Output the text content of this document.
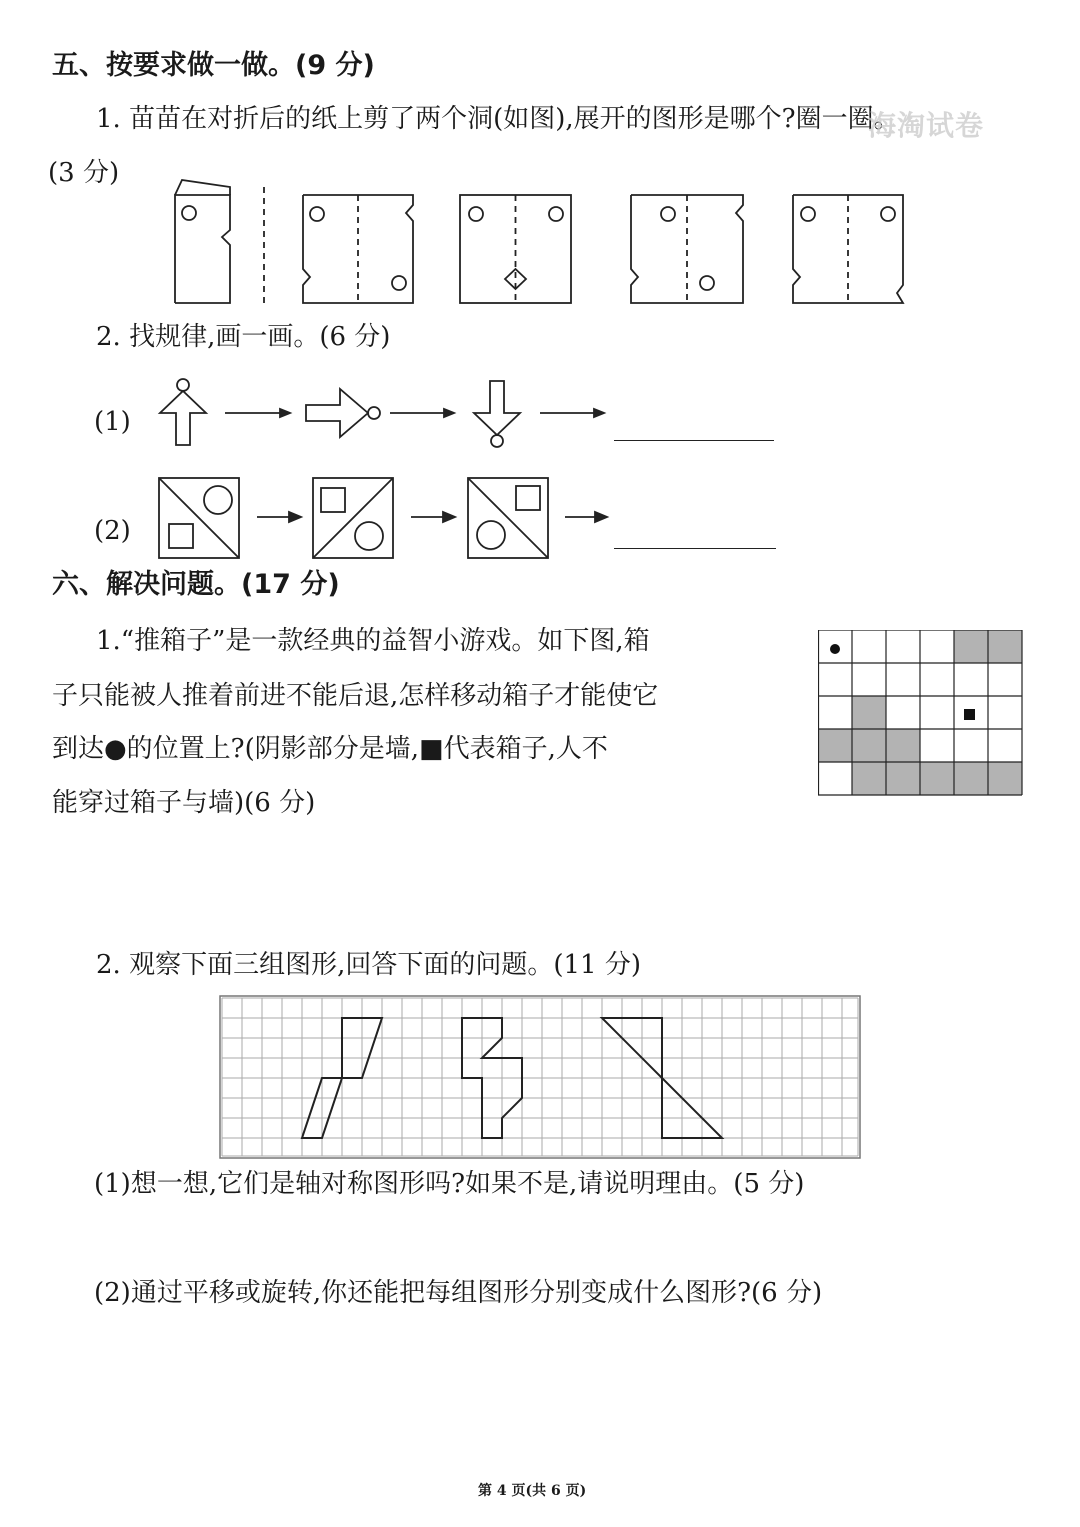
五、按要求做一做。(9 分)
1. 苗苗在对折后的纸上剪了两个洞(如图),展开的图形是哪个?圈一圈。
海淘试卷
(3 分)
2. 找规律,画一画。(6 分)
(1)
(2)
六、解决问题。(17 分)
1.“推箱子”是一款经典的益智小游戏。如下图,箱
子只能被人推着前进不能后退,怎样移动箱子才能使它
到达●的位置上?(阴影部分是墙,■代表箱子,人不
能穿过箱子与墙)(6 分)
2. 观察下面三组图形,回答下面的问题。(11 分)
(1)想一想,它们是轴对称图形吗?如果不是,请说明理由。(5 分)
(2)通过平移或旋转,你还能把每组图形分别变成什么图形?(6 分)
第 4 页(共 6 页)
